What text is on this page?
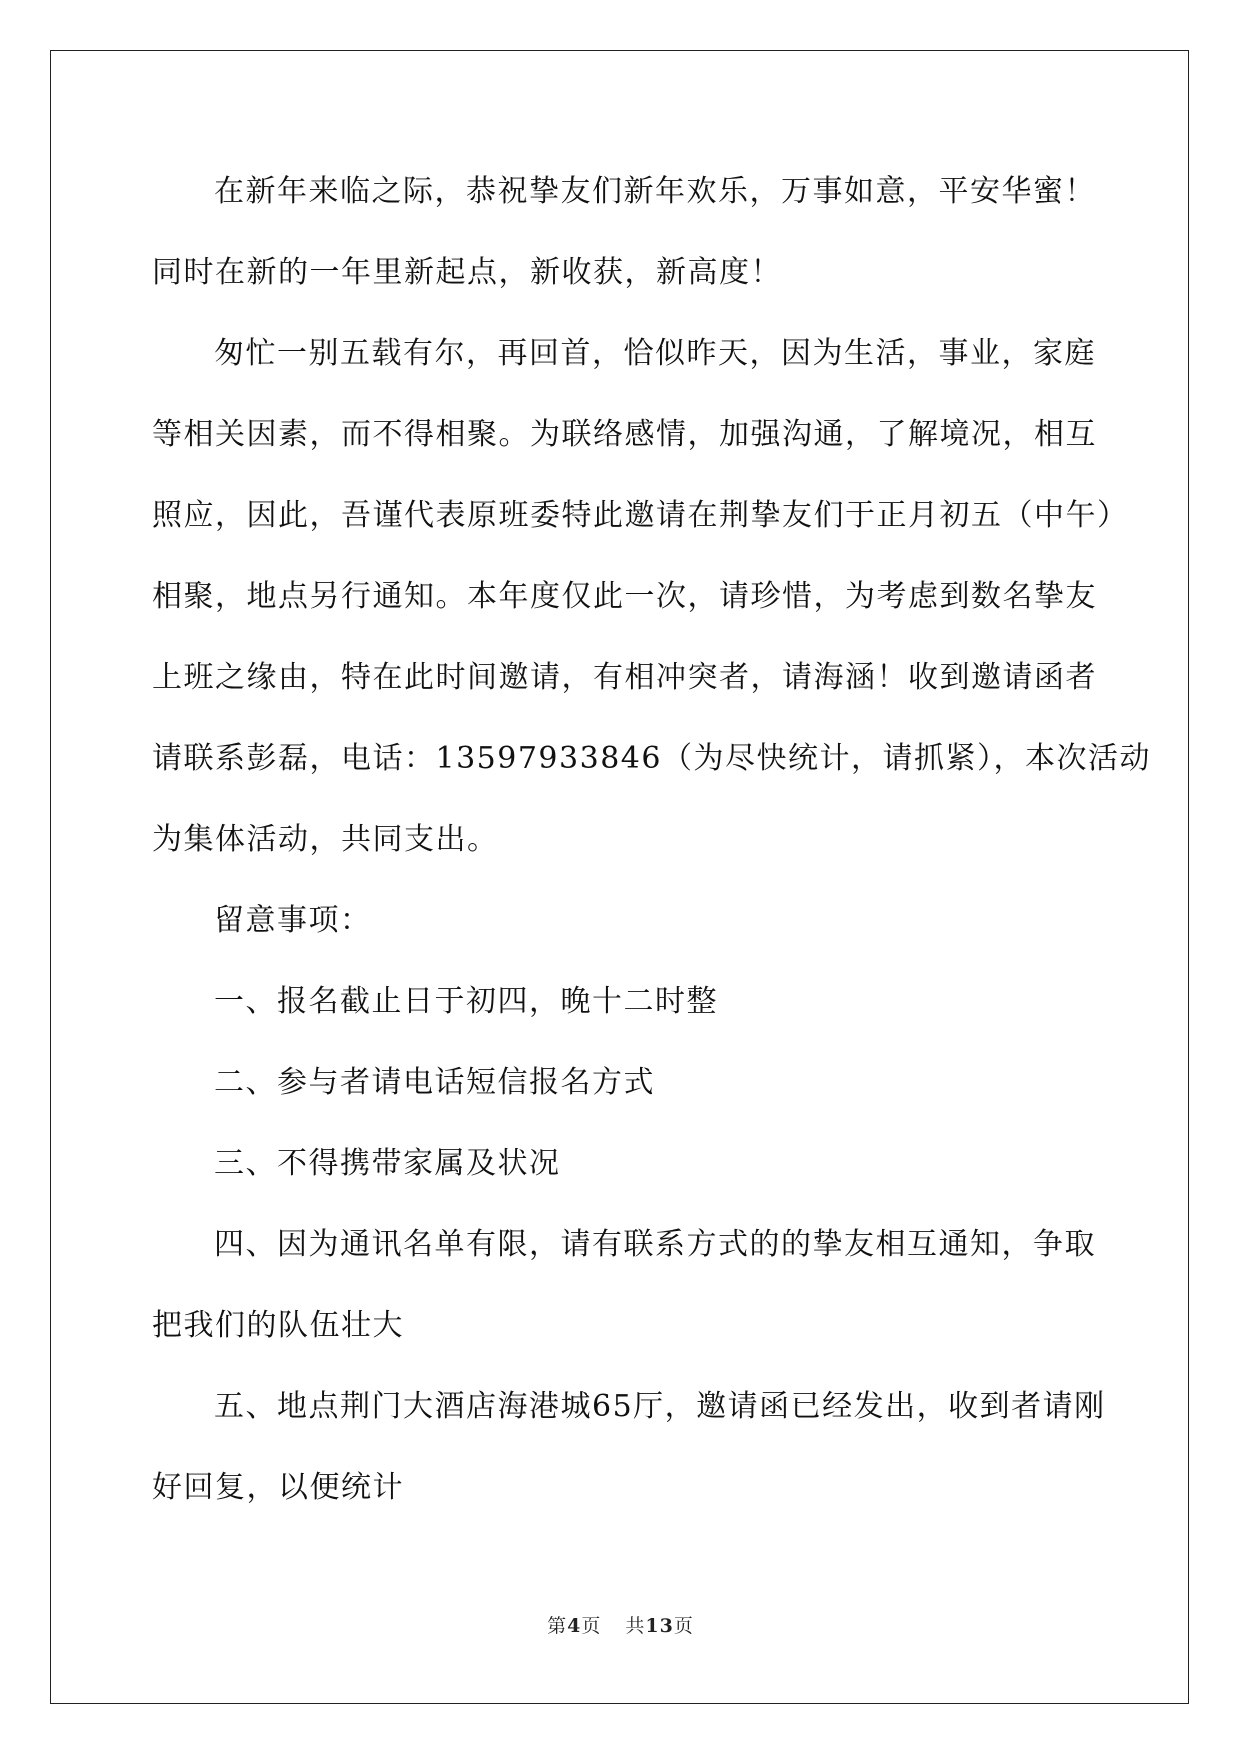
在新年来临之际，恭祝挚友们新年欢乐，万事如意，平安华蜜！

同时在新的一年里新起点，新收获，新高度！

匆忙一别五载有尔，再回首，恰似昨天，因为生活，事业，家庭

等相关因素，而不得相聚。为联络感情，加强沟通，了解境况，相互

照应，因此，吾谨代表原班委特此邀请在荆挚友们于正月初五（中午）

相聚，地点另行通知。本年度仅此一次，请珍惜，为考虑到数名挚友

上班之缘由，特在此时间邀请，有相冲突者，请海涵！收到邀请函者

请联系彭磊，电话：13597933846（为尽快统计，请抓紧），本次活动

为集体活动，共同支出。

留意事项：

一、报名截止日于初四，晚十二时整

二、参与者请电话短信报名方式

三、不得携带家属及状况

四、因为通讯名单有限，请有联系方式的的挚友相互通知，争取

把我们的队伍壮大

五、地点荆门大酒店海港城65厅，邀请函已经发出，收到者请刚

好回复，以便统计

第4页 共13页
